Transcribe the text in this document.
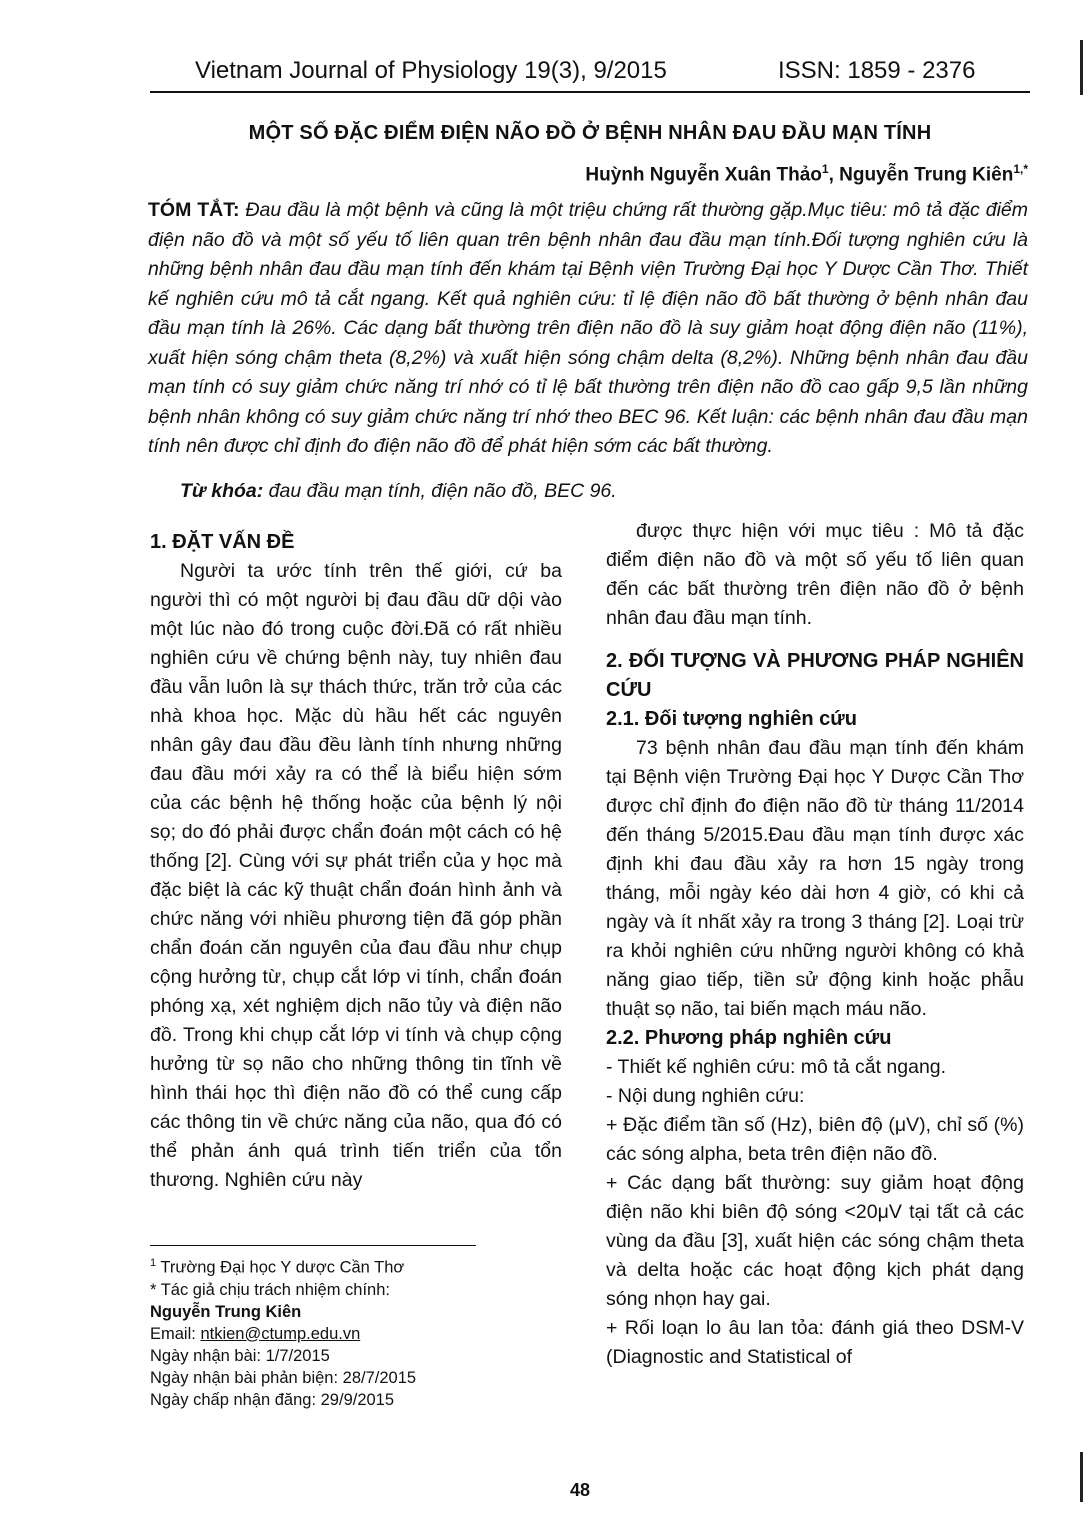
Vietnam Journal of Physiology 19(3), 9/2015	ISSN: 1859 - 2376
MỘT SỐ ĐẶC ĐIỂM ĐIỆN NÃO ĐỒ Ở BỆNH NHÂN ĐAU ĐẦU MẠN TÍNH
Huỳnh Nguyễn Xuân Thảo$^1$, Nguyễn Trung Kiên$^{1,*}$
TÓM TẮT: Đau đầu là một bệnh và cũng là một triệu chứng rất thường gặp.Mục tiêu: mô tả đặc điểm điện não đồ và một số yếu tố liên quan trên bệnh nhân đau đầu mạn tính.Đối tượng nghiên cứu là những bệnh nhân đau đầu mạn tính đến khám tại Bệnh viện Trường Đại học Y Dược Cần Thơ. Thiết kế nghiên cứu mô tả cắt ngang. Kết quả nghiên cứu: tỉ lệ điện não đồ bất thường ở bệnh nhân đau đầu mạn tính là 26%. Các dạng bất thường trên điện não đồ là suy giảm hoạt động điện não (11%), xuất hiện sóng chậm theta (8,2%) và xuất hiện sóng chậm delta (8,2%). Những bệnh nhân đau đầu mạn tính có suy giảm chức năng trí nhớ có tỉ lệ bất thường trên điện não đồ cao gấp 9,5 lần những bệnh nhân không có suy giảm chức năng trí nhớ theo BEC 96. Kết luận: các bệnh nhân đau đầu mạn tính nên được chỉ định đo điện não đồ để phát hiện sớm các bất thường.
Từ khóa: đau đầu mạn tính, điện não đồ, BEC 96.

1. ĐẶT VẤN ĐỀ

Người ta ước tính trên thế giới, cứ ba người thì có một người bị đau đầu dữ dội vào một lúc nào đó trong cuộc đời.Đã có rất nhiều nghiên cứu về chứng bệnh này, tuy nhiên đau đầu vẫn luôn là sự thách thức, trăn trở của các nhà khoa học. Mặc dù hầu hết các nguyên nhân gây đau đầu đều lành tính nhưng những đau đầu mới xảy ra có thể là biểu hiện sớm của các bệnh hệ thống hoặc của bệnh lý nội sọ; do đó phải được chẩn đoán một cách có hệ thống [2]. Cùng với sự phát triển của y học mà đặc biệt là các kỹ thuật chẩn đoán hình ảnh và chức năng với nhiều phương tiện đã góp phần chẩn đoán căn nguyên của đau đầu như chụp cộng hưởng từ, chụp cắt lớp vi tính, chẩn đoán phóng xạ, xét nghiệm dịch não tủy và điện não đồ. Trong khi chụp cắt lớp vi tính và chụp cộng hưởng từ sọ não cho những thông tin tĩnh về hình thái học thì điện não đồ có thể cung cấp các thông tin về chức năng của não, qua đó có thể phản ánh quá trình tiến triển của tổn thương. Nghiên cứu này

được thực hiện với mục tiêu : Mô tả đặc điểm điện não đồ và một số yếu tố liên quan đến các bất thường trên điện não đồ ở bệnh nhân đau đầu mạn tính.

2. ĐỐI TƯỢNG VÀ PHƯƠNG PHÁP NGHIÊN CỨU

2.1. Đối tượng nghiên cứu

73 bệnh nhân đau đầu mạn tính đến khám tại Bệnh viện Trường Đại học Y Dược Cần Thơ được chỉ định đo điện não đồ từ tháng 11/2014 đến tháng 5/2015.Đau đầu mạn tính được xác định khi đau đầu xảy ra hơn 15 ngày trong tháng, mỗi ngày kéo dài hơn 4 giờ, có khi cả ngày và ít nhất xảy ra trong 3 tháng [2]. Loại trừ ra khỏi nghiên cứu những người không có khả năng giao tiếp, tiền sử động kinh hoặc phẫu thuật sọ não, tai biến mạch máu não.

2.2. Phương pháp nghiên cứu

- Thiết kế nghiên cứu: mô tả cắt ngang.

- Nội dung nghiên cứu:

+ Đặc điểm tần số (Hz), biên độ (μV), chỉ số (%) các sóng alpha, beta trên điện não đồ.

+ Các dạng bất thường: suy giảm hoạt động điện não khi biên độ sóng <20μV tại tất cả các vùng da đầu [3], xuất hiện các sóng chậm theta và delta hoặc các hoạt động kịch phát dạng sóng nhọn hay gai.

+ Rối loạn lo âu lan tỏa: đánh giá theo DSM-V (Diagnostic and Statistical of

$^1$ Trường Đại học Y dược Cần Thơ

* Tác giả chịu trách nhiệm chính:

Nguyễn Trung Kiên

Email: ntkien@ctump.edu.vn

Ngày nhận bài: 1/7/2015

Ngày nhận bài phản biện: 28/7/2015

Ngày chấp nhận đăng: 29/9/2015

48
